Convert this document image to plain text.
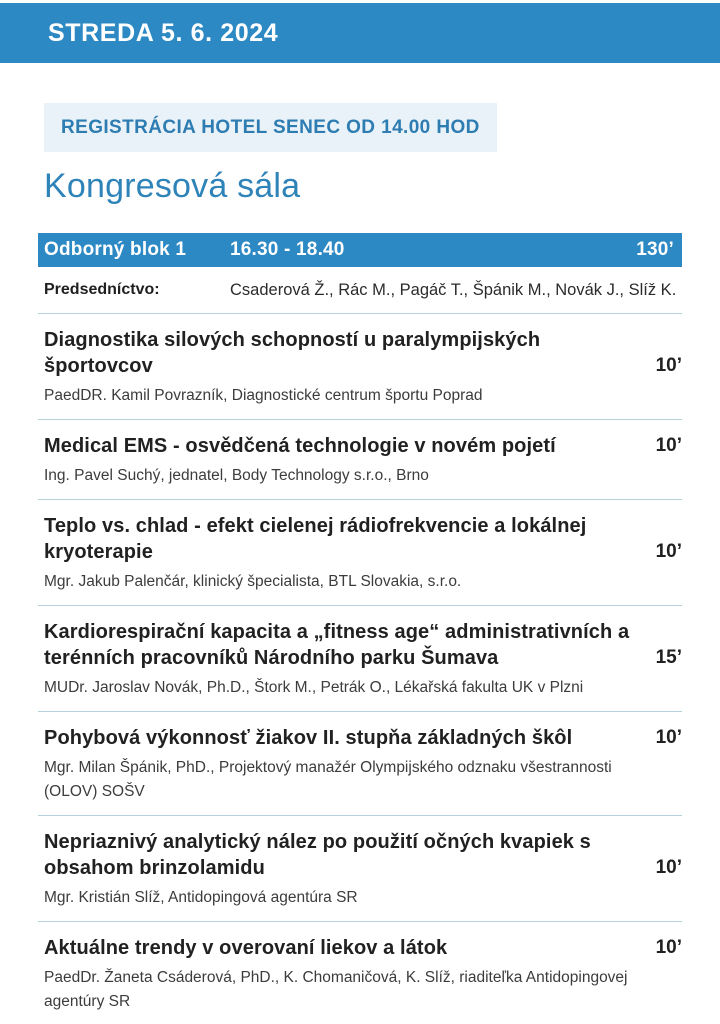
STREDA 5. 6. 2024
REGISTRÁCIA HOTEL SENEC OD 14.00 HOD
Kongresová sála
Odborný blok 1	16.30 - 18.40	130’
Predsedníctvo:	Csaderová Ž., Rác M., Pagáč T., Špánik M., Novák J., Slíž K.
Diagnostika silových schopností u paralympijských športovcov	10’
PaedDR. Kamil Povrazník, Diagnostické centrum športu Poprad
Medical EMS - osvědčená technologie v novém pojetí	10’
Ing. Pavel Suchý, jednatel, Body Technology s.r.o., Brno
Teplo vs. chlad - efekt cielenej rádiofrekvencie a lokálnej kryoterapie	10’
Mgr. Jakub Palenčár, klinický špecialista, BTL Slovakia, s.r.o.
Kardiorespirační kapacita a „fitness age“ administrativních a terénních pracovníků Národního parku Šumava	15’
MUDr. Jaroslav Novák, Ph.D., Štork M., Petrák O., Lékařská fakulta UK v Plzni
Pohybová výkonnosť žiakov II. stupňa základných škôl	10’
Mgr. Milan Špánik, PhD., Projektový manažér Olympijského odznaku všestrannosti (OLOV) SOŠV
Nepriaznivý analytický nález po použití očných kvapiek s obsahom brinzolamidu	10’
Mgr. Kristián Slíž, Antidopingová agentúra SR
Aktuálne trendy v overovaní liekov a látok	10’
PaedDr. Žaneta Csáderová, PhD., K. Chomaničová, K. Slíž, riaditeľka Antidopingovej agentúry SR
